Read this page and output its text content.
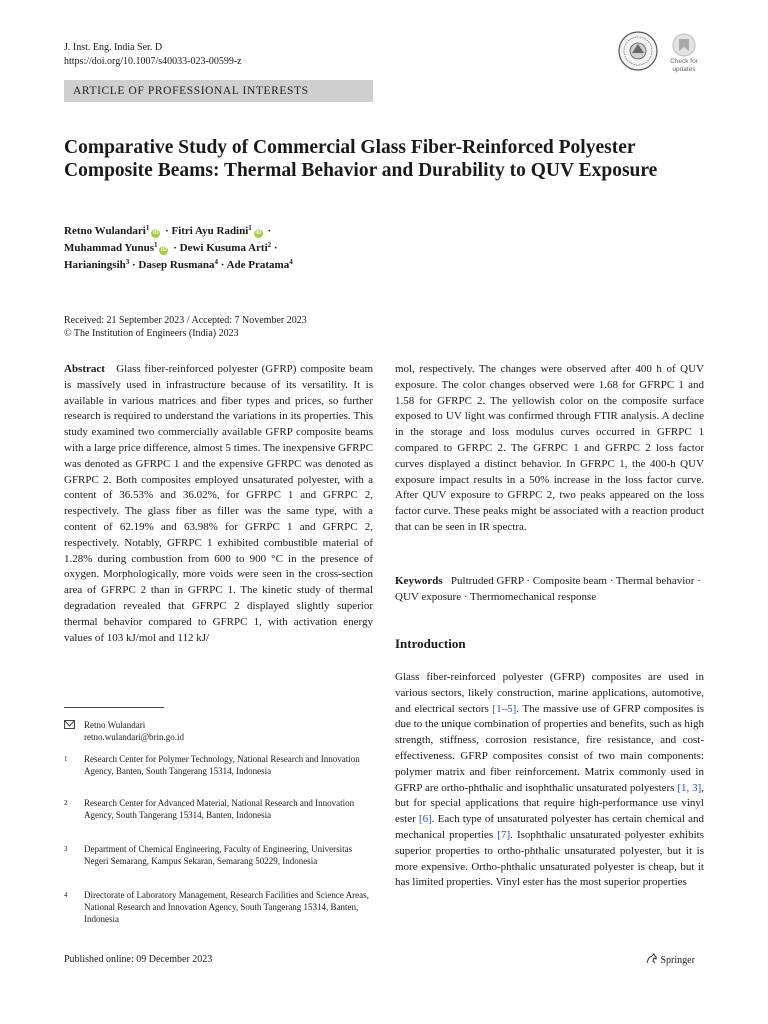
J. Inst. Eng. India Ser. D
https://doi.org/10.1007/s40033-023-00599-z	Check for
updates
ARTICLE OF PROFESSIONAL INTERESTS
Comparative Study of Commercial Glass Fiber-Reinforced Polyester Composite Beams: Thermal Behavior and Durability to QUV Exposure
Retno Wulandari$^1$iD · Fitri Ayu Radini$^1$iD ·
Muhammad Yunus$^1$iD · Dewi Kusuma Arti$^2$ ·
Harianingsih$^3$ · Dasep Rusmana$^4$ · Ade Pratama$^4$
Received: 21 September 2023 / Accepted: 7 November 2023
© The Institution of Engineers (India) 2023
Abstract Glass fiber-reinforced polyester (GFRP) composite beam is massively used in infrastructure because of its versatility. It is available in various matrices and fiber types and prices, so further research is required to understand the variations in its properties. This study examined two commercially available GFRP composite beams with a large price difference, almost 5 times. The inexpensive GFRPC was denoted as GFRPC 1 and the expensive GFRPC was denoted as GFRPC 2. Both composites employed unsaturated polyester, with a content of 36.53% and 36.02%, for GFRPC 1 and GFRPC 2, respectively. The glass fiber as filler was the same type, with a content of 62.19% and 63.98% for GFRPC 1 and GFRPC 2, respectively. Notably, GFRPC 1 exhibited combustible material of 1.28% during combustion from 600 to 900 °C in the presence of oxygen. Morphologically, more voids were seen in the cross-section area of GFRPC 2 than in GFRPC 1. The kinetic study of thermal degradation revealed that GFRPC 2 displayed slightly superior thermal behavior compared to GFRPC 1, with activation energy values of 103 kJ/mol and 112 kJ/
mol, respectively. The changes were observed after 400 h of QUV exposure. The color changes observed were 1.68 for GFRPC 1 and 1.58 for GFRPC 2. The yellowish color on the composite surface exposed to UV light was confirmed through FTIR analysis. A decline in the storage and loss modulus curves occurred in GFRPC 1 compared to GFRPC 2. The GFRPC 1 and GFRPC 2 loss factor curves displayed a distinct behavior. In GFRPC 1, the 400-h QUV exposure impact results in a 50% increase in the loss factor curve. After QUV exposure to GFRPC 2, two peaks appeared on the loss factor curve. These peaks might be associated with a reaction product that can be seen in IR spectra.
Keywords Pultruded GFRP · Composite beam · Thermal behavior · QUV exposure · Thermomechanical response
Introduction
Glass fiber-reinforced polyester (GFRP) composites are used in various sectors, likely construction, marine applications, automotive, and electrical sectors [1–5]. The massive use of GFRP composites is due to the unique combination of properties and benefits, such as high strength, stiffness, corrosion resistance, fire resistance, and cost-effectiveness. GFRP composites consist of two main components: polymer matrix and fiber reinforcement. Matrix commonly used in GFRP are ortho-phthalic and isophthalic unsaturated polyesters [1, 3], but for special applications that require high-performance use vinyl ester [6]. Each type of unsaturated polyester has certain chemical and mechanical properties [7]. Isophthalic unsaturated polyester exhibits superior properties to ortho-phthalic unsaturated polyester, but it is more expensive. Ortho-phthalic unsaturated polyester is cheap, but it has limited properties. Vinyl ester has the most superior properties
Retno Wulandari
retno.wulandari@brin.go.id
1 Research Center for Polymer Technology, National Research and Innovation Agency, Banten, South Tangerang 15314, Indonesia
2 Research Center for Advanced Material, National Research and Innovation Agency, South Tangerang 15314, Banten, Indonesia
3 Department of Chemical Engineering, Faculty of Engineering, Universitas Negeri Semarang, Kampus Sekaran, Semarang 50229, Indonesia
4 Directorate of Laboratory Management, Research Facilities and Science Areas, National Research and Innovation Agency, South Tangerang 15314, Banten, Indonesia
Published online: 09 December 2023	Springer
